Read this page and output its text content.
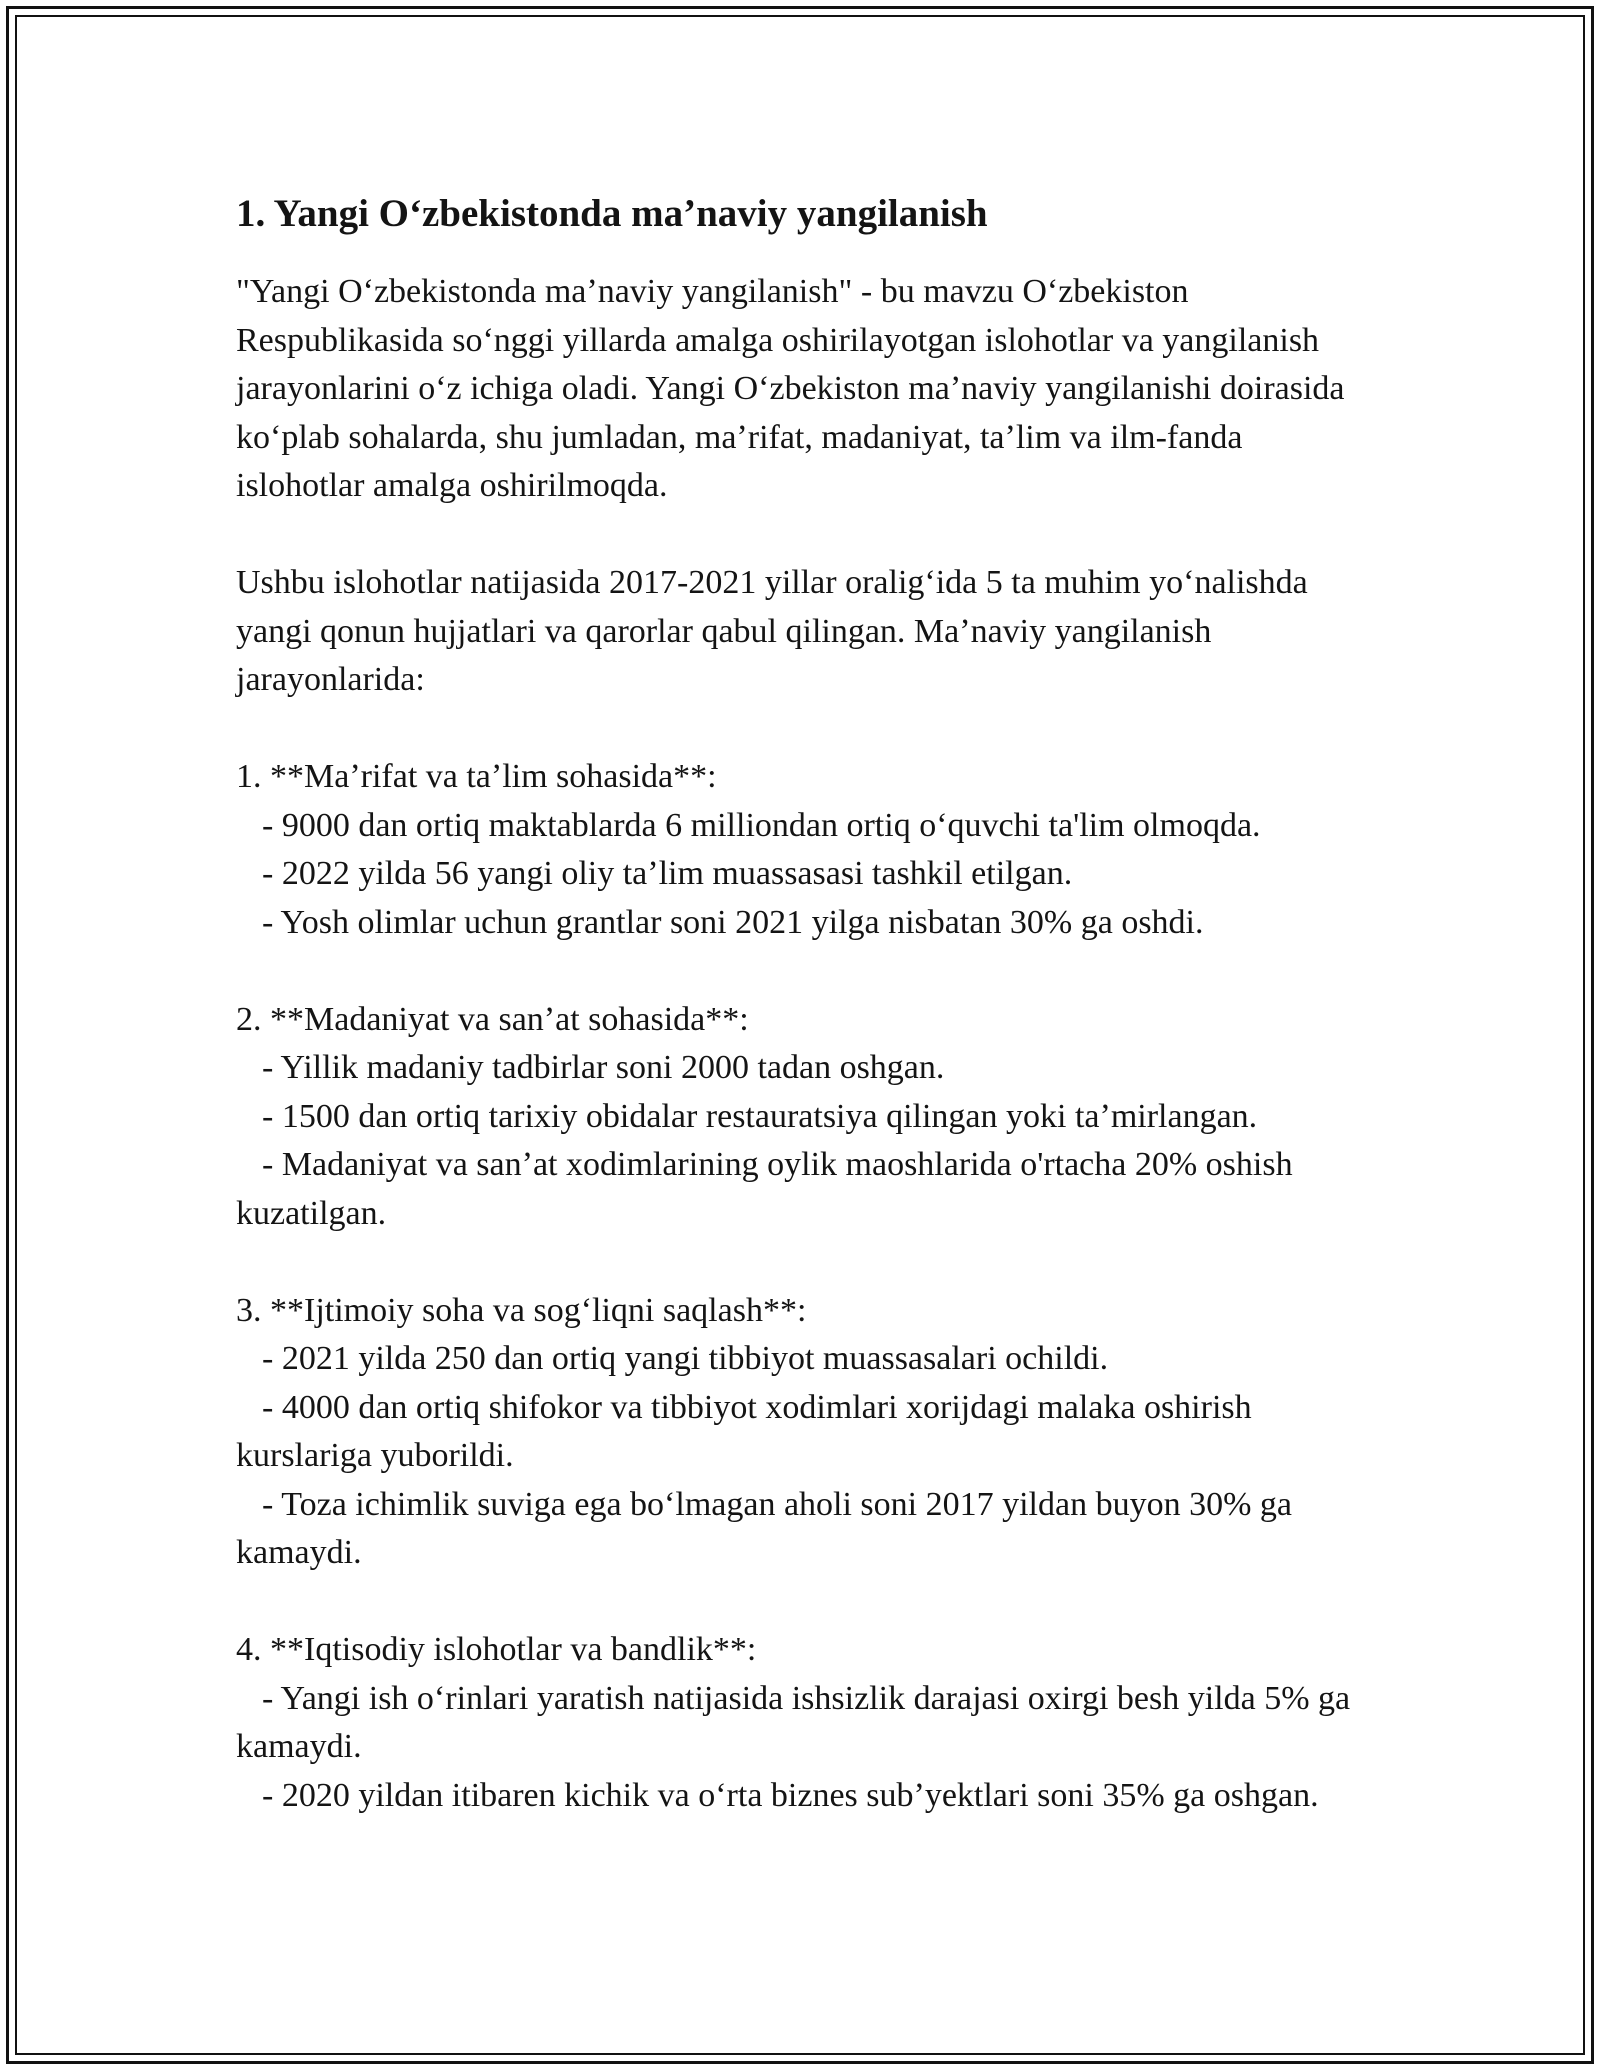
1. Yangi Oʻzbekistonda maʼnaviy yangilanish

"Yangi Oʻzbekistonda maʼnaviy yangilanish" - bu mavzu Oʻzbekiston Respublikasida soʻnggi yillarda amalga oshirilayotgan islohotlar va yangilanish jarayonlarini oʻz ichiga oladi. Yangi Oʻzbekiston maʼnaviy yangilanishi doirasida koʻplab sohalarda, shu jumladan, maʼrifat, madaniyat, taʼlim va ilm-fanda islohotlar amalga oshirilmoqda.

Ushbu islohotlar natijasida 2017-2021 yillar oraligʻida 5 ta muhim yoʻnalishda yangi qonun hujjatlari va qarorlar qabul qilingan. Maʼnaviy yangilanish jarayonlarida:

1. **Maʼrifat va taʼlim sohasida**:

- 9000 dan ortiq maktablarda 6 milliondan ortiq oʻquvchi ta'lim olmoqda.

- 2022 yilda 56 yangi oliy taʼlim muassasasi tashkil etilgan.

- Yosh olimlar uchun grantlar soni 2021 yilga nisbatan 30% ga oshdi.

2. **Madaniyat va sanʼat sohasida**:

- Yillik madaniy tadbirlar soni 2000 tadan oshgan.

- 1500 dan ortiq tarixiy obidalar restauratsiya qilingan yoki taʼmirlangan.

- Madaniyat va sanʼat xodimlarining oylik maoshlarida o'rtacha 20% oshish kuzatilgan.

3. **Ijtimoiy soha va sogʻliqni saqlash**:

- 2021 yilda 250 dan ortiq yangi tibbiyot muassasalari ochildi.

- 4000 dan ortiq shifokor va tibbiyot xodimlari xorijdagi malaka oshirish kurslariga yuborildi.

- Toza ichimlik suviga ega boʻlmagan aholi soni 2017 yildan buyon 30% ga kamaydi.

4. **Iqtisodiy islohotlar va bandlik**:

- Yangi ish oʻrinlari yaratish natijasida ishsizlik darajasi oxirgi besh yilda 5% ga kamaydi.

- 2020 yildan itibaren kichik va oʻrta biznes subʼyektlari soni 35% ga oshgan.
